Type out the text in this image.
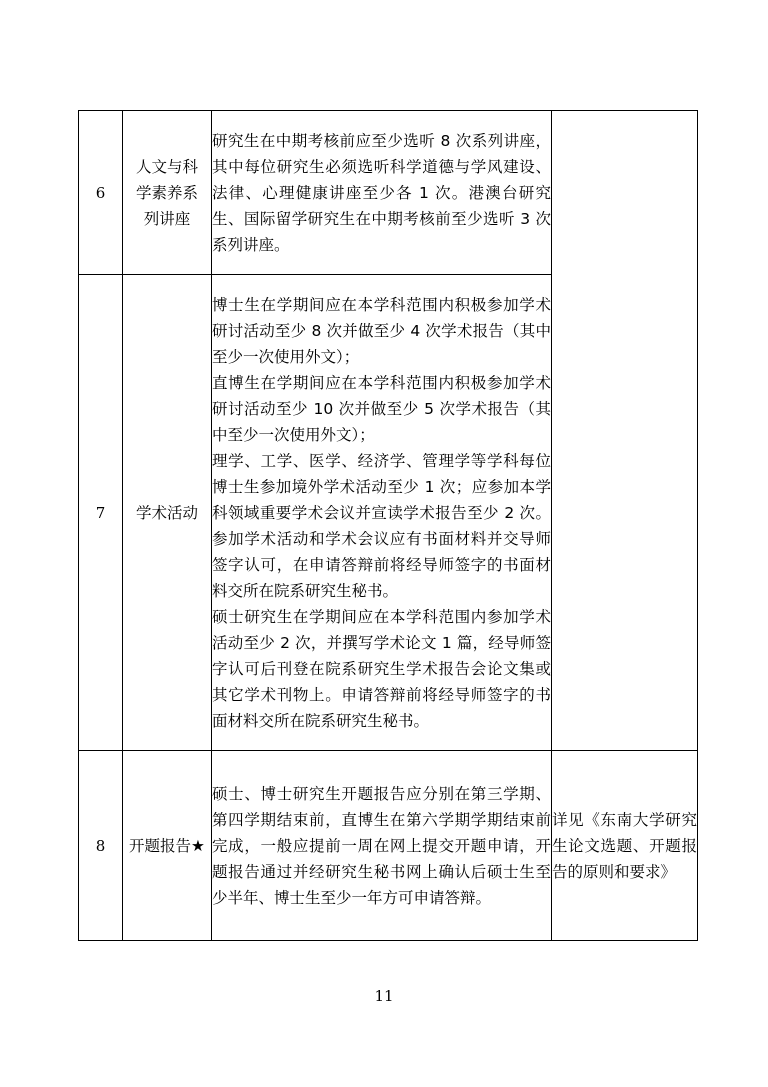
6	人文与科
学素养系
列讲座	研究生在中期考核前应至少选听 8 次系列讲座，其中每位研究生必须选听科学道德与学风建设、法律、心理健康讲座至少各 1 次。港澳台研究生、国际留学研究生在中期考核前至少选听 3 次系列讲座。	

7	学术活动	博士生在学期间应在本学科范围内积极参加学术研讨活动至少 8 次并做至少 4 次学术报告（其中至少一次使用外文）；
直博生在学期间应在本学科范围内积极参加学术研讨活动至少 10 次并做至少 5 次学术报告（其中至少一次使用外文）；
理学、工学、医学、经济学、管理学等学科每位博士生参加境外学术活动至少 1 次；应参加本学科领域重要学术会议并宣读学术报告至少 2 次。参加学术活动和学术会议应有书面材料并交导师签字认可，在申请答辩前将经导师签字的书面材料交所在院系研究生秘书。
硕士研究生在学期间应在本学科范围内参加学术活动至少 2 次，并撰写学术论文 1 篇，经导师签字认可后刊登在院系研究生学术报告会论文集或其它学术刊物上。申请答辩前将经导师签字的书面材料交所在院系研究生秘书。	

8	开题报告★	硕士、博士研究生开题报告应分别在第三学期、第四学期结束前，直博生在第六学期学期结束前完成，一般应提前一周在网上提交开题申请，开题报告通过并经研究生秘书网上确认后硕士生至少半年、博士生至少一年方可申请答辩。	详见《东南大学研究生论文选题、开题报告的原则和要求》
11
